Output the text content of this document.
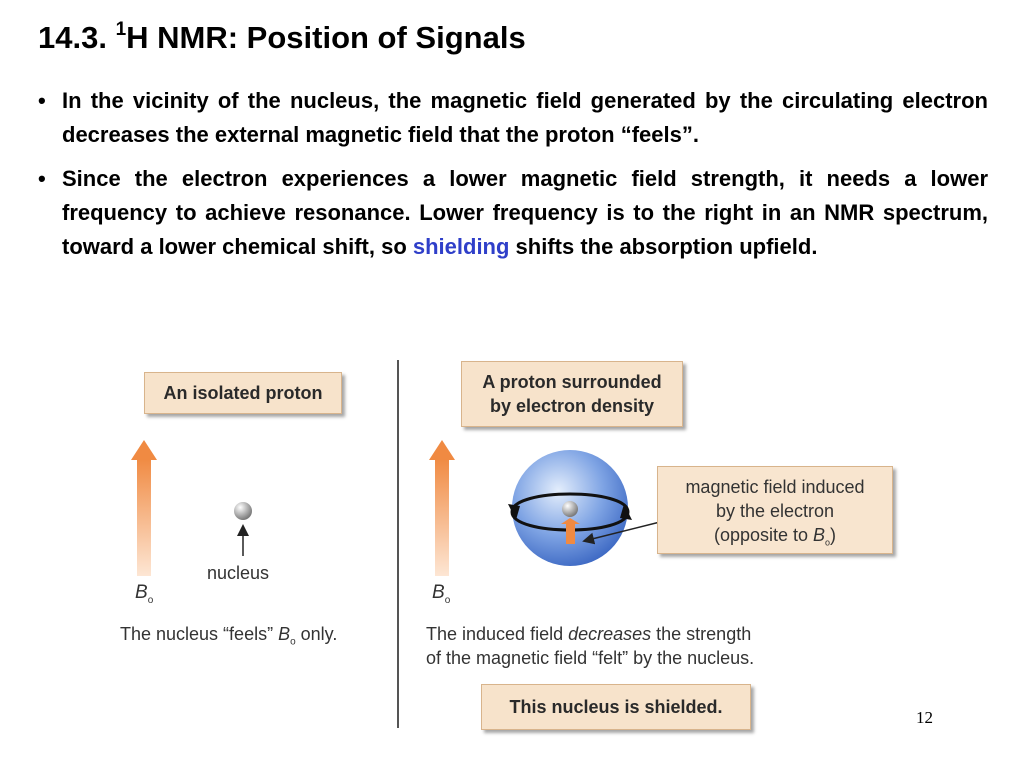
14.3. $^1$H NMR: Position of Signals
• In the vicinity of the nucleus, the magnetic field generated by the circulating electron decreases the external magnetic field that the proton “feels”.
• Since the electron experiences a lower magnetic field strength, it needs a lower frequency to achieve resonance. Lower frequency is to the right in an NMR spectrum, toward a lower chemical shift, so shielding shifts the absorption upfield.
An isolated proton
nucleus
$B_o$
The nucleus “feels” $B_o$ only.
A proton surrounded
by electron density
magnetic field induced
by the electron
(opposite to $B_o$)
$B_o$
The induced field decreases the strength
of the magnetic field “felt” by the nucleus.
This nucleus is shielded.
12
